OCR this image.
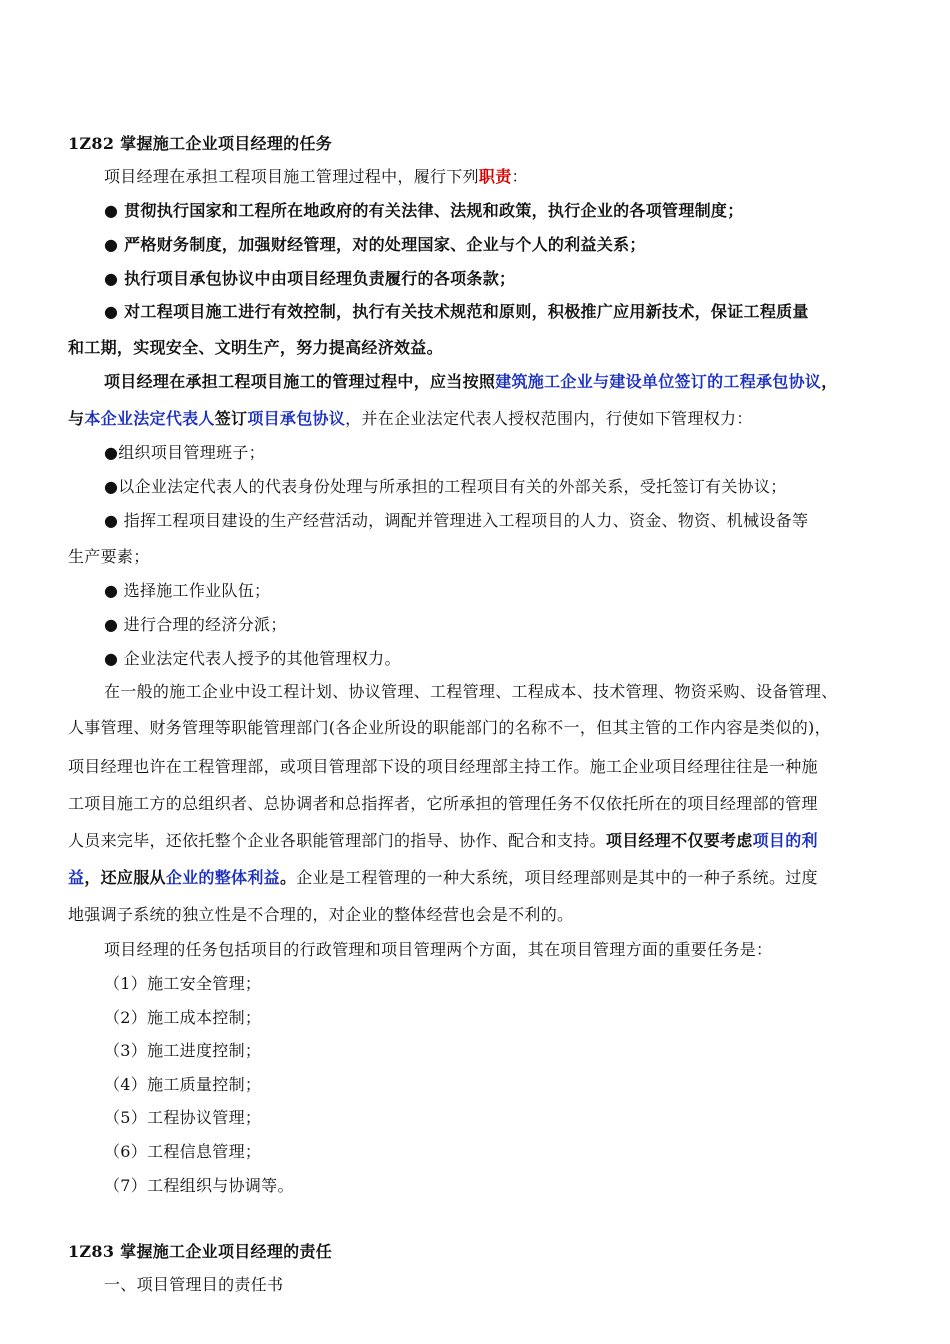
1Z82 掌握施工企业项目经理的任务
项目经理在承担工程项目施工管理过程中，履行下列职责：
● 贯彻执行国家和工程所在地政府的有关法律、法规和政策，执行企业的各项管理制度；
● 严格财务制度，加强财经管理，对的处理国家、企业与个人的利益关系；
● 执行项目承包协议中由项目经理负责履行的各项条款；
● 对工程项目施工进行有效控制，执行有关技术规范和原则，积极推广应用新技术，保证工程质量
和工期，实现安全、文明生产，努力提高经济效益。
项目经理在承担工程项目施工的管理过程中，应当按照建筑施工企业与建设单位签订的工程承包协议，
与本企业法定代表人签订项目承包协议，并在企业法定代表人授权范围内，行使如下管理权力：
●组织项目管理班子；
●以企业法定代表人的代表身份处理与所承担的工程项目有关的外部关系，受托签订有关协议；
● 指挥工程项目建设的生产经营活动，调配并管理进入工程项目的人力、资金、物资、机械设备等
生产要素；
● 选择施工作业队伍；
● 进行合理的经济分派；
● 企业法定代表人授予的其他管理权力。
在一般的施工企业中设工程计划、协议管理、工程管理、工程成本、技术管理、物资采购、设备管理、
人事管理、财务管理等职能管理部门(各企业所设的职能部门的名称不一，但其主管的工作内容是类似的)，
项目经理也许在工程管理部，或项目管理部下设的项目经理部主持工作。施工企业项目经理往往是一种施
工项目施工方的总组织者、总协调者和总指挥者，它所承担的管理任务不仅依托所在的项目经理部的管理
人员来完毕，还依托整个企业各职能管理部门的指导、协作、配合和支持。项目经理不仅要考虑项目的利
益，还应服从企业的整体利益。企业是工程管理的一种大系统，项目经理部则是其中的一种子系统。过度
地强调子系统的独立性是不合理的，对企业的整体经营也会是不利的。
项目经理的任务包括项目的行政管理和项目管理两个方面，其在项目管理方面的重要任务是：
（1）施工安全管理；
（2）施工成本控制；
（3）施工进度控制；
（4）施工质量控制；
（5）工程协议管理；
（6）工程信息管理；
（7）工程组织与协调等。
1Z83 掌握施工企业项目经理的责任
一、项目管理目的责任书
